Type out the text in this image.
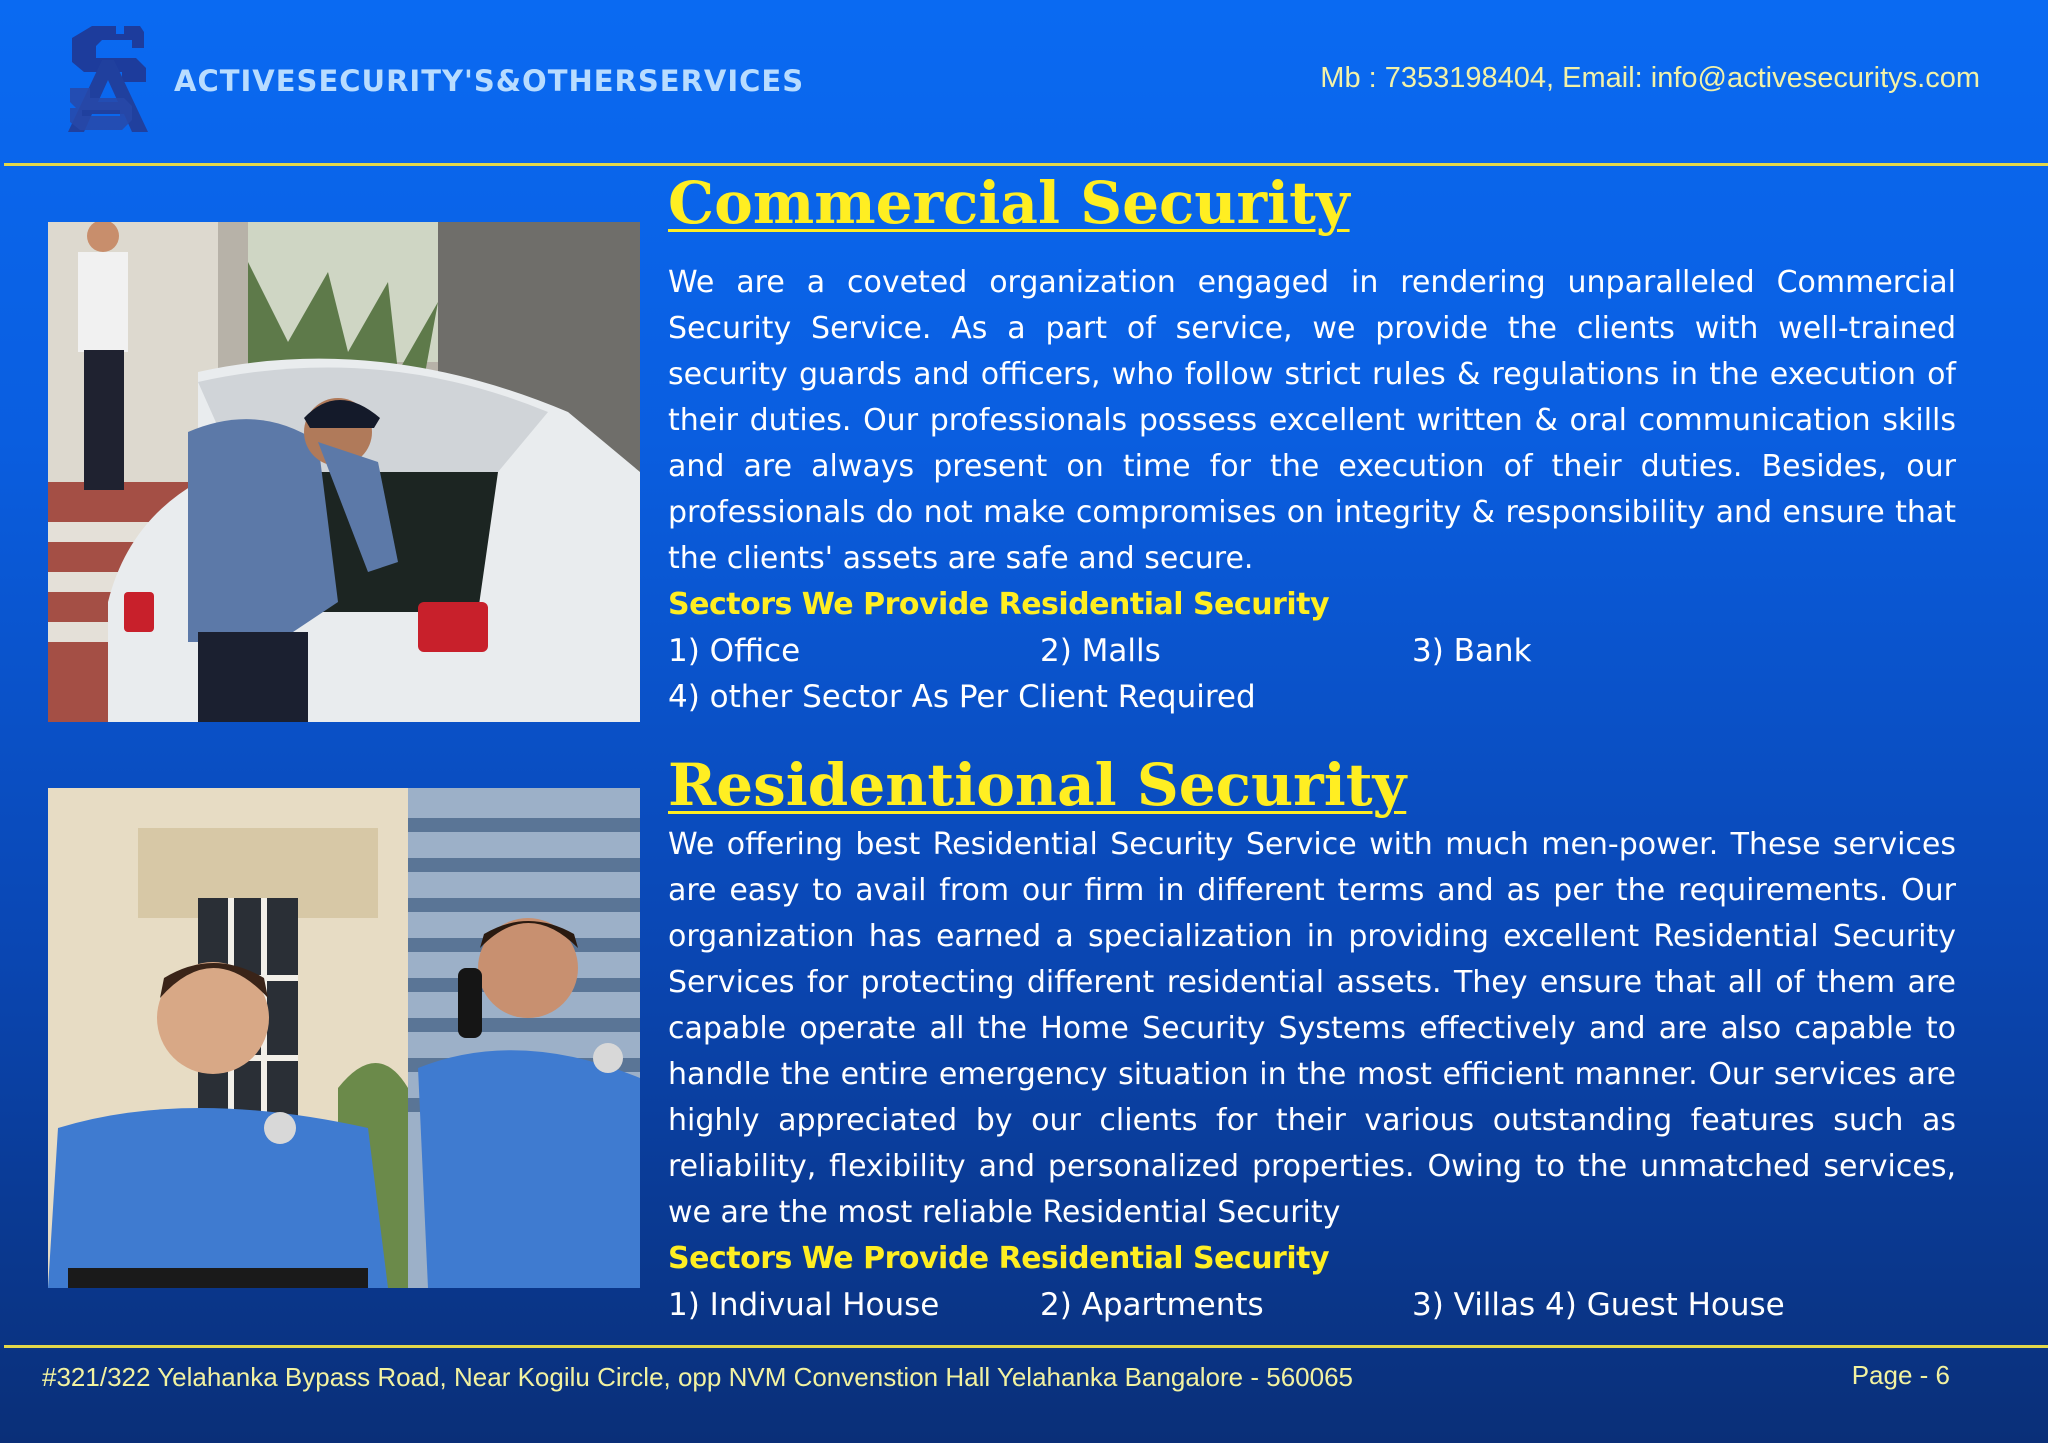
ACTIVESECURITY'S&OTHERSERVICES	Mb : 7353198404, Email: info@activesecuritys.com
Commercial Security

We are a coveted organization engaged in rendering unparalleled Commercial Security Service. As a part of service, we provide the clients with well-trained security guards and officers, who follow strict rules & regulations in the execution of their duties. Our professionals possess excellent written & oral communication skills and are always present on time for the execution of their duties. Besides, our professionals do not make compromises on integrity & responsibility and ensure that the clients' assets are safe and secure.

Sectors We Provide Residential Security

1) Office	2) Malls	3) Bank
4) other Sector As Per Client Required
Residentional Security

We offering best Residential Security Service with much men-power. These services are easy to avail from our firm in different terms and as per the requirements. Our organization has earned a specialization in providing excellent Residential Security Services for protecting different residential assets. They ensure that all of them are capable operate all the Home Security Systems effectively and are also capable to handle the entire emergency situation in the most efficient manner. Our services are highly appreciated by our clients for their various outstanding features such as reliability, flexibility and personalized properties. Owing to the unmatched services, we are the most reliable Residential Security

Sectors We Provide Residential Security

1) Indivual House	2) Apartments	3) Villas 4) Guest House
#321/322 Yelahanka Bypass Road, Near Kogilu Circle, opp NVM Convenstion Hall Yelahanka Bangalore - 560065	Page - 6
